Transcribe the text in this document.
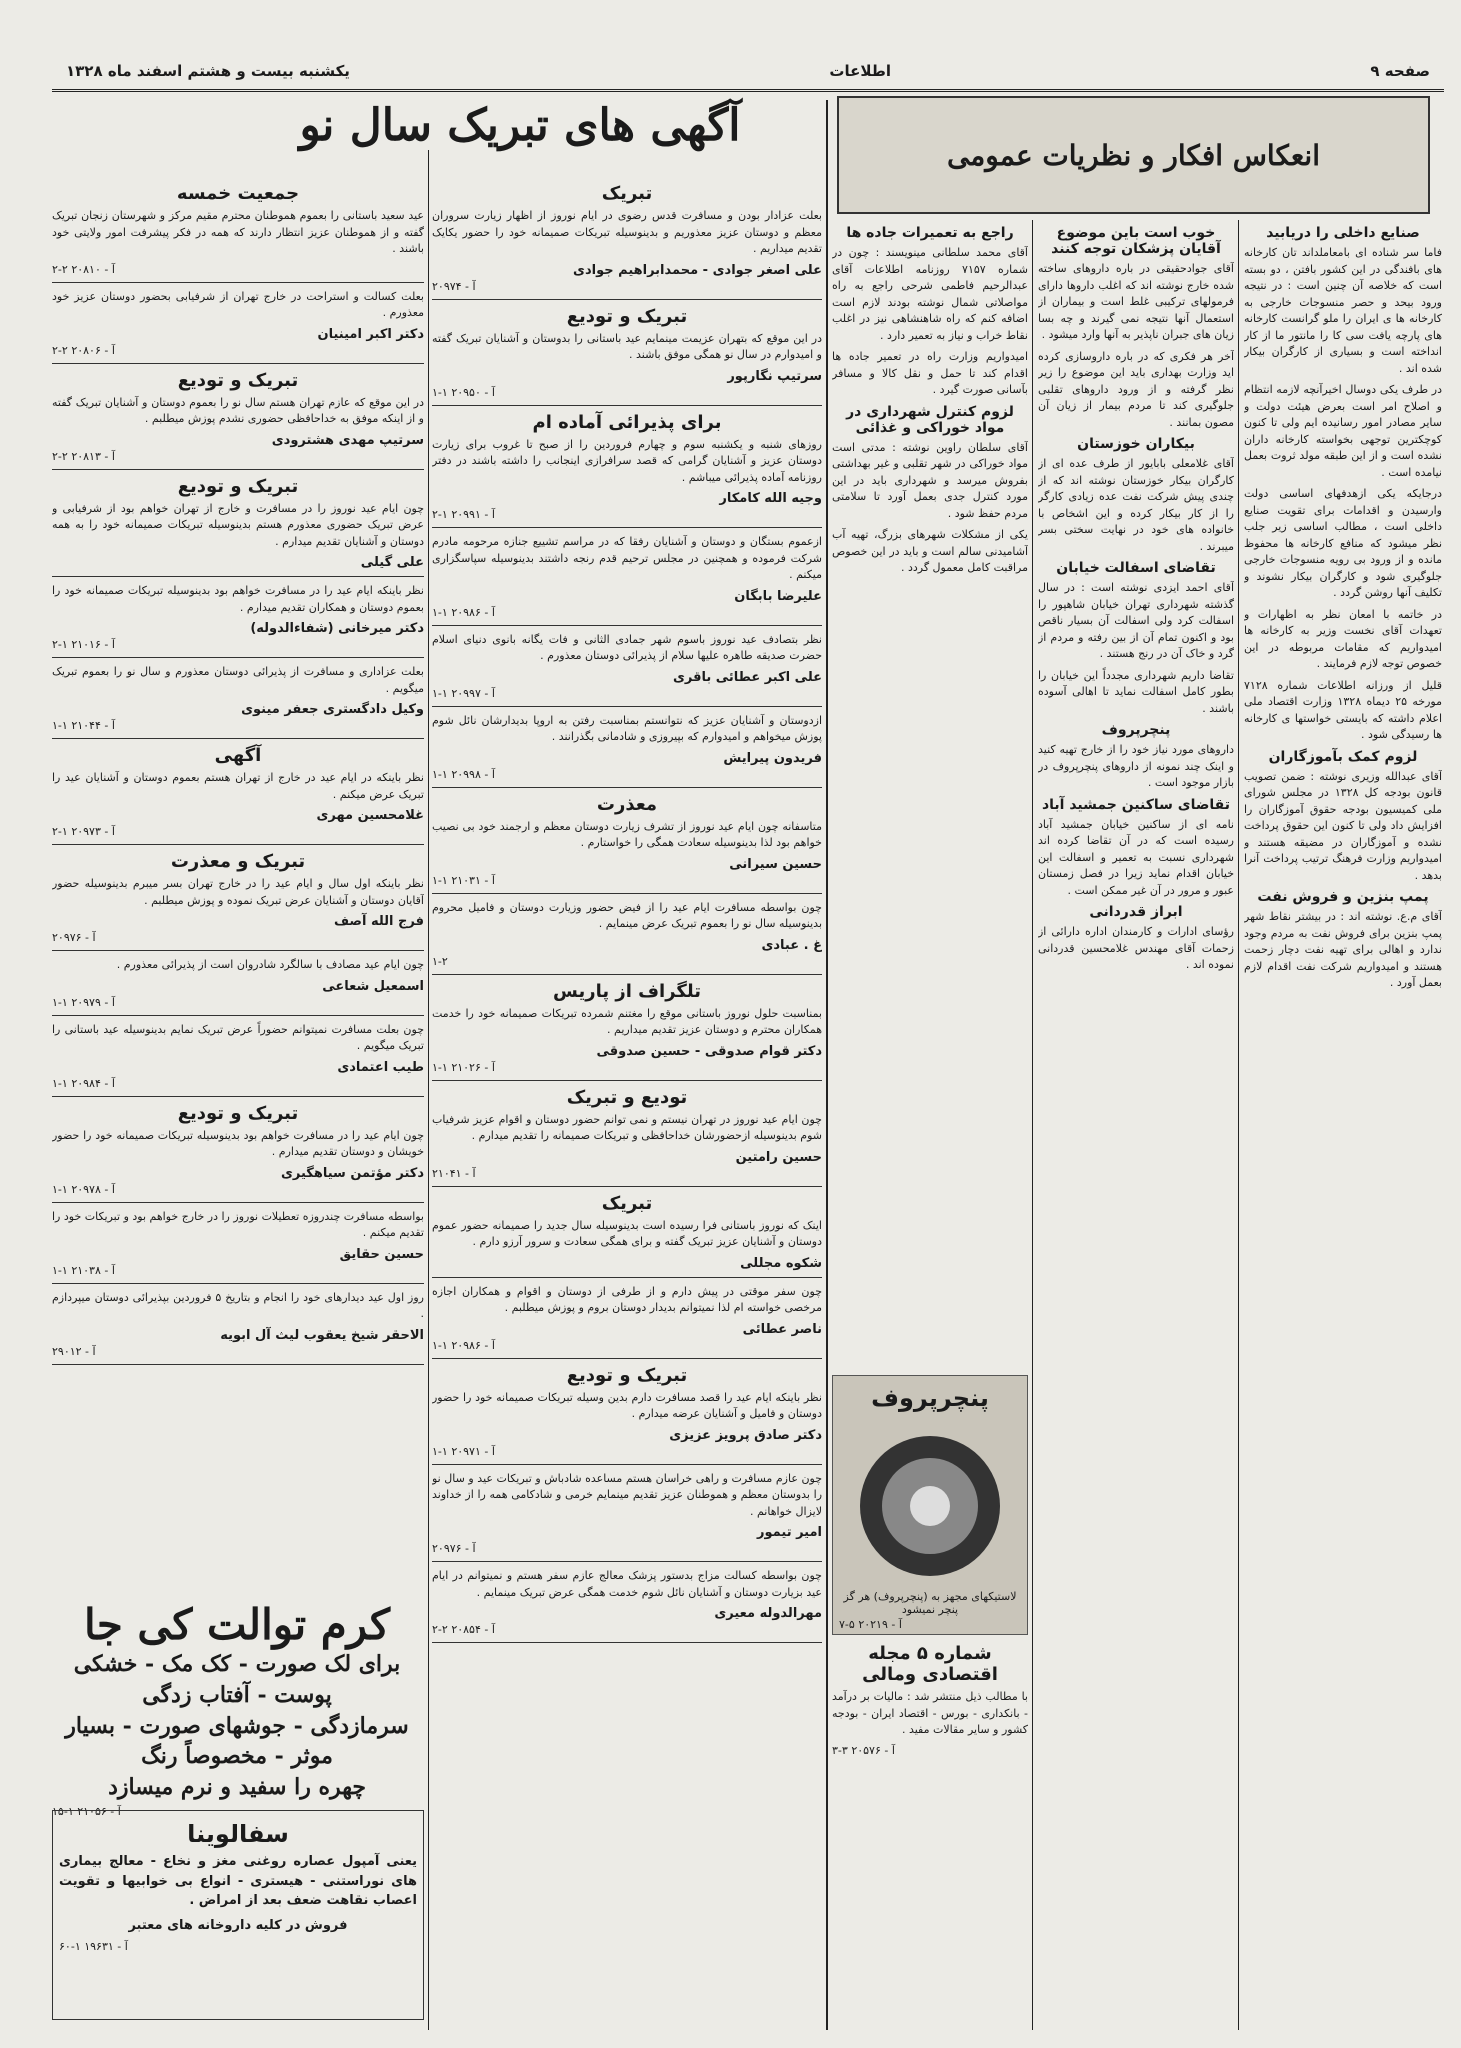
صفحه ۹
اطلاعات
یکشنبه بیست و هشتم اسفند ماه ۱۳۲۸
انعکاس افکار و نظریات عمومی
آگهی های تبریک سال نو
صنایع داخلی را دریابید

فاما سر شناده ای بامعاملداند تان کارخانه های بافندگی در این کشور بافتن ، دو بسته است که خلاصه آن چنین است : در نتیجه ورود بیحد و حصر منسوجات خارجی به کارخانه ها ی ایران را ملو گرانست کارخانه های پارچه یافت سی کا را مانتور ما از کار انداخته است و بسیاری از کارگران بیکار شده اند .

در طرف یکی دوسال اخیرآنچه لازمه انتظام و اصلاح امر است بعرض هیئت دولت و سایر مصادر امور رسانیده ایم ولی تا کنون کوچکترین توجهی بخواسته کارخانه داران نشده است و از این طبقه مولد ثروت بعمل نیامده است .

درجایکه یکی ازهدفهای اساسی دولت وارسیدن و اقدامات برای تقویت صنایع داخلی است ، مطالب اساسی زیر جلب نظر میشود که منافع کارخانه ها محفوظ مانده و از ورود بی رویه منسوجات خارجی جلوگیری شود و کارگران بیکار نشوند و تکلیف آنها روشن گردد .

در خاتمه با امعان نظر به اظهارات و تعهدات آقای نخست وزیر به کارخانه ها امیدواریم که مقامات مربوطه در این خصوص توجه لازم فرمایند .

قلیل از ورزانه اطلاعات شماره ۷۱۲۸ مورخه ۲۵ دیماه ۱۳۲۸ وزارت اقتصاد ملی اعلام داشته که بایستی خواستها ی کارخانه ها رسیدگی شود .

لزوم کمک بآموزگاران

آقای عبدالله وزیری نوشته : ضمن تصویب قانون بودجه کل ۱۳۲۸ در مجلس شورای ملی کمیسیون بودجه حقوق آموزگاران را افزایش داد ولی تا کنون این حقوق پرداخت نشده و آموزگاران در مضیقه هستند و امیدواریم وزارت فرهنگ ترتیب پرداخت آنرا بدهد .

پمپ بنزین و فروش نفت

آقای م.ع. نوشته اند : در بیشتر نقاط شهر پمپ بنزین برای فروش نفت به مردم وجود ندارد و اهالی برای تهیه نفت دچار زحمت هستند و امیدواریم شرکت نفت اقدام لازم بعمل آورد .

خوب است باین موضوع آقایان پزشکان توجه کنند

آقای جوادحقیقی در باره داروهای ساخته شده خارج نوشته اند که اغلب داروها دارای فرمولهای ترکیبی غلط است و بیماران از استعمال آنها نتیجه نمی گیرند و چه بسا زیان های جبران ناپذیر به آنها وارد میشود .

آخر هر فکری که در باره داروسازی کرده اید وزارت بهداری باید این موضوع را زیر نظر گرفته و از ورود داروهای تقلبی جلوگیری کند تا مردم بیمار از زیان آن مصون بمانند .

بیکاران خوزستان

آقای غلامعلی بابایور از طرف عده ای از کارگران بیکار خوزستان نوشته اند که از چندی پیش شرکت نفت عده زیادی کارگر را از کار بیکار کرده و این اشخاص با خانواده های خود در نهایت سختی بسر میبرند .

تقاضای اسفالت خیابان

آقای احمد ایزدی نوشته است : در سال گذشته شهرداری تهران خیابان شاهپور را اسفالت کرد ولی اسفالت آن بسیار ناقص بود و اکنون تمام آن از بین رفته و مردم از گرد و خاک آن در رنج هستند .

تقاضا داریم شهرداری مجدداً این خیابان را بطور کامل اسفالت نماید تا اهالی آسوده باشند .

پنچرپروف

داروهای مورد نیاز خود را از خارج تهیه کنید و اینک چند نمونه از داروهای پنچرپروف در بازار موجود است .

تقاضای ساکنین جمشید آباد

نامه ای از ساکنین خیابان جمشید آباد رسیده است که در آن تقاضا کرده اند شهرداری نسبت به تعمیر و اسفالت این خیابان اقدام نماید زیرا در فصل زمستان عبور و مرور در آن غیر ممکن است .

ابراز قدردانی

رؤسای ادارات و کارمندان اداره دارائی از زحمات آقای مهندس غلامحسین قدردانی نموده اند .

راجع به تعمیرات جاده ها

آقای محمد سلطانی مینویسند : چون در شماره ۷۱۵۷ روزنامه اطلاعات آقای عبدالرحیم فاطمی شرحی راجع به راه مواصلاتی شمال نوشته بودند لازم است اضافه کنم که راه شاهنشاهی نیز در اغلب نقاط خراب و نیاز به تعمیر دارد .

امیدواریم وزارت راه در تعمیر جاده ها اقدام کند تا حمل و نقل کالا و مسافر بآسانی صورت گیرد .

لزوم کنترل شهرداری در مواد خوراکی و غذائی

آقای سلطان راوین نوشته : مدتی است مواد خوراکی در شهر تقلبی و غیر بهداشتی بفروش میرسد و شهرداری باید در این مورد کنترل جدی بعمل آورد تا سلامتی مردم حفظ شود .

یکی از مشکلات شهرهای بزرگ، تهیه آب آشامیدنی سالم است و باید در این خصوص مراقبت کامل معمول گردد .

پنچرپروف
لاستیکهای مجهز به (پنچرپروف) هر گز پنچر نمیشود
آ - ۲۰۲۱۹ ۵-۷
شماره ۵ مجله اقتصادی ومالی

با مطالب ذیل منتشر شد : مالیات بر درآمد - بانکداری - بورس - اقتصاد ایران - بودجه کشور و سایر مقالات مفید .

آ - ۲۰۵۷۶ ۳-۳
جمعیت خمسه

عید سعید باستانی را بعموم هموطنان محترم مقیم مرکز و شهرستان زنجان تبریک گفته و از هموطنان عزیز انتظار دارند که همه در فکر پیشرفت امور ولایتی خود باشند .

آ - ۲۰۸۱۰ ۲-۲

بعلت کسالت و استراحت در خارج تهران از شرفیابی بحضور دوستان عزیز خود معذورم .

دکتر اکبر امینیان
آ - ۲۰۸۰۶ ۲-۲
تبریک و تودیع

در این موقع که عازم تهران هستم سال نو را بعموم دوستان و آشنایان تبریک گفته و از اینکه موفق به خداحافظی حضوری نشدم پوزش میطلبم .

سرتیپ مهدی هشترودی
آ - ۲۰۸۱۳ ۲-۲
تبریک و تودیع

چون ایام عید نوروز را در مسافرت و خارج از تهران خواهم بود از شرفیابی و عرض تبریک حضوری معذورم هستم بدینوسیله تبریکات صمیمانه خود را به همه دوستان و آشنایان تقدیم میدارم .

علی گیلی

نظر باینکه ایام عید را در مسافرت خواهم بود بدینوسیله تبریکات صمیمانه خود را بعموم دوستان و همکاران تقدیم میدارم .

دکتر میرخانی (شفاءالدوله)
آ - ۲۱۰۱۶ ۱-۲

بعلت عزاداری و مسافرت از پذیرائی دوستان معذورم و سال نو را بعموم تبریک میگویم .

وکیل دادگستری جعفر مینوی
آ - ۲۱۰۴۴ ۱-۱
آگهی

نظر باینکه در ایام عید در خارج از تهران هستم بعموم دوستان و آشنایان عید را تبریک عرض میکنم .

غلامحسین مهری
آ - ۲۰۹۷۳ ۱-۲
تبریک و معذرت

نظر باینکه اول سال و ایام عید را در خارج تهران بسر میبرم بدینوسیله حضور آقایان دوستان و آشنایان عرض تبریک نموده و پوزش میطلبم .

فرج الله آصف
آ - ۲۰۹۷۶

چون ایام عید مصادف با سالگرد شادروان است از پذیرائی معذورم .

اسمعیل شعاعی
آ - ۲۰۹۷۹ ۱-۱

چون بعلت مسافرت نمیتوانم حضوراً عرض تبریک نمایم بدینوسیله عید باستانی را تبریک میگویم .

طیب اعتمادی
آ - ۲۰۹۸۴ ۱-۱
تبریک و تودیع

چون ایام عید را در مسافرت خواهم بود بدینوسیله تبریکات صمیمانه خود را حضور خویشان و دوستان تقدیم میدارم .

دکتر مؤتمن سیاهگیری
آ - ۲۰۹۷۸ ۱-۱

بواسطه مسافرت چندروزه تعطیلات نوروز را در خارج خواهم بود و تبریکات خود را تقدیم میکنم .

حسین حقایق
آ - ۲۱۰۳۸ ۱-۱

روز اول عید دیدارهای خود را انجام و بتاریخ ۵ فروردین بپذیرائی دوستان میپردازم .

الاحقر شیخ یعقوب لیث آل ابویه
آ - ۲۹۰۱۲
تبریک

بعلت عزادار بودن و مسافرت قدس رضوی در ایام نوروز از اظهار زیارت سروران معظم و دوستان عزیز معذوریم و بدینوسیله تبریکات صمیمانه خود را حضور یکایک تقدیم میداریم .

علی اصغر جوادی - محمدابراهیم جوادی
آ - ۲۰۹۷۴
تبریک و تودیع

در این موقع که بتهران عزیمت مینمایم عید باستانی را بدوستان و آشنایان تبریک گفته و امیدوارم در سال نو همگی موفق باشند .

سرتیپ نگارپور
آ - ۲۰۹۵۰ ۱-۱
برای پذیرائی آماده ام

روزهای شنبه و یکشنبه سوم و چهارم فروردین را از صبح تا غروب برای زیارت دوستان عزیز و آشنایان گرامی که قصد سرافرازی اینجانب را داشته باشند در دفتر روزنامه آماده پذیرائی میباشم .

وجیه الله کامکار
آ - ۲۰۹۹۱ ۱-۲

ازعموم بستگان و دوستان و آشنایان رفقا که در مراسم تشییع جنازه مرحومه مادرم شرکت فرموده و همچنین در مجلس ترحیم قدم رنجه داشتند بدینوسیله سپاسگزاری میکنم .

علیرضا بابگان
آ - ۲۰۹۸۶ ۱-۱

نظر بتصادف عید نوروز باسوم شهر جمادی الثانی و فات یگانه بانوی دنیای اسلام حضرت صدیقه طاهره علیها سلام از پذیرائی دوستان معذورم .

علی اکبر عطائی باقری
آ - ۲۰۹۹۷ ۱-۱

ازدوستان و آشنایان عزیز که نتوانستم بمناسبت رفتن به اروپا بدیدارشان نائل شوم پوزش میخواهم و امیدوارم که بپیروزی و شادمانی بگذرانند .

فریدون پیرایش
آ - ۲۰۹۹۸ ۱-۱
معذرت

متاسفانه چون ایام عید نوروز از تشرف زیارت دوستان معظم و ارجمند خود بی نصیب خواهم بود لذا بدینوسیله سعادت همگی را خواستارم .

حسین سیرانی
آ - ۲۱۰۳۱ ۱-۱

چون بواسطه مسافرت ایام عید را از فیض حضور وزیارت دوستان و فامیل محروم بدینوسیله سال نو را بعموم تبریک عرض مینمایم .

غ . عبادی
۱-۲
تلگراف از پاریس

بمناسبت حلول نوروز باستانی موقع را مغتنم شمرده تبریکات صمیمانه خود را خدمت همکاران محترم و دوستان عزیز تقدیم میداریم .

دکتر قوام صدوقی - حسین صدوقی
آ - ۲۱۰۲۶ ۱-۱
تودیع و تبریک

چون ایام عید نوروز در تهران نیستم و نمی توانم حضور دوستان و اقوام عزیز شرفیاب شوم بدینوسیله ازحضورشان خداحافظی و تبریکات صمیمانه را تقدیم میدارم .

حسین رامتین
آ - ۲۱۰۴۱
تبریک

اینک که نوروز باستانی فرا رسیده است بدینوسیله سال جدید را صمیمانه حضور عموم دوستان و آشنایان عزیز تبریک گفته و برای همگی سعادت و سرور آرزو دارم .

شکوه مجللی

چون سفر موقتی در پیش دارم و از طرفی از دوستان و اقوام و همکاران اجازه مرخصی خواسته ام لذا نمیتوانم بدیدار دوستان بروم و پوزش میطلبم .

ناصر عطائی
آ - ۲۰۹۸۶ ۱-۱
تبریک و تودیع

نظر باینکه ایام عید را قصد مسافرت دارم بدین وسیله تبریکات صمیمانه خود را حضور دوستان و فامیل و آشنایان عرضه میدارم .

دکتر صادق پرویز عزیزی
آ - ۲۰۹۷۱ ۱-۱

چون عازم مسافرت و راهی خراسان هستم مساعده شادباش و تبریکات عید و سال نو را بدوستان معظم و هموطنان عزیز تقدیم مینمایم خرمی و شادکامی همه را از خداوند لایزال خواهانم .

امیر تیمور
آ - ۲۰۹۷۶

چون بواسطه کسالت مزاج بدستور پزشک معالج عازم سفر هستم و نمیتوانم در ایام عید بزیارت دوستان و آشنایان نائل شوم خدمت همگی عرض تبریک مینمایم .

مهرالدوله معیری
آ - ۲۰۸۵۴ ۲-۲
کرم توالت کی جا
برای لک صورت - کک مک - خشکی پوست - آفتاب زدگی
سرمازدگی - جوشهای صورت - بسیار موثر - مخصوصاً رنگ
چهره را سفید و نرم میسازد
آ - ۲۱۰۵۶ ۱-۱۵
سفالوینا

یعنی آمپول عصاره روغنی مغز و نخاع - معالج بیماری های نوراستنی - هیستری - انواع بی خوابیها و تقویت اعصاب نقاهت ضعف بعد از امراض .

فروش در کلیه داروخانه های معتبر

آ - ۱۹۶۳۱ ۱-۶۰
